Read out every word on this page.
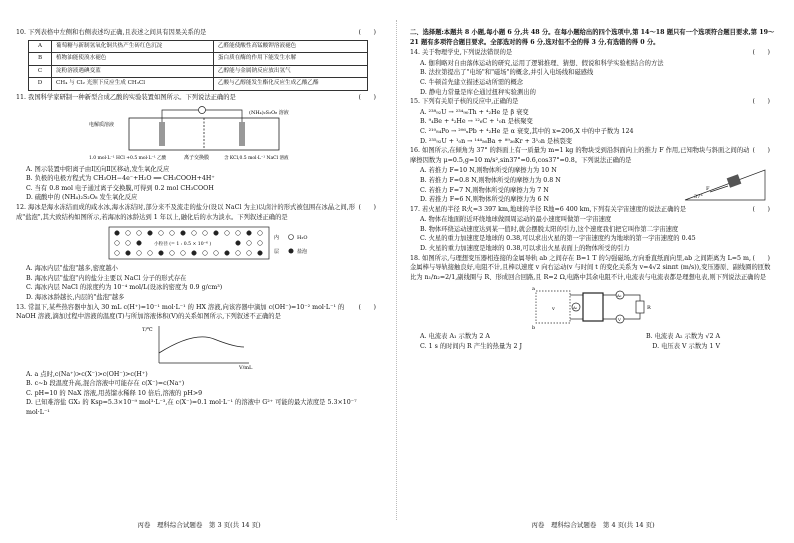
(　　)
10. 下列表格中左侧和右侧表述均正确,且表述之间具有因果关系的是
A	葡萄糖与新制氢氧化铜共热产生砖红色沉淀	乙醛能使酸性高锰酸钾溶液褪色
B	植物油能使溴水褪色	蛋白质在酶的作用下能发生水解
C	淀粉溶液遇碘变蓝	乙醇能与金属钠反应放出氢气
D	CH₄ 与 Cl₂ 光照下反应生成 CH₃Cl	乙酸与乙醇能发生酯化反应生成乙酸乙酯
(　　)
11. 我国科学家研制一种新型合成乙酸的实验装置如图所示。下列说法正确的是
电解质溶液
(NH₄)₂S₂O₈ 溶液
离子交换膜
1.0 mol·L⁻¹ HCl +0.5 mol·L⁻¹ 乙酸	含 KCl,0.5 mol·L⁻¹ NaCl 溶液
A. 图示装置中阳离子由Ⅰ区向Ⅱ区移动,发生氧化反应
B. 负极的电极方程式为 CH₃OH−4e⁻+H₂O ══ CH₃COOH+4H⁺
C. 当有 0.8 mol 电子通过离子交换膜,可得到 0.2 mol CH₃COOH
D. 硫酸中的 (NH₄)₂S₂O₈ 发生氧化反应
(　　)
12. 海冰是海水冻结而成的咸水冰,海水冻结时,部分来不及流走的盐分(设以 NaCl 为主)以卤汁的形式被包围在冰晶之间,形成"盐泡",其大致结构如图所示,若海冰的冰龄达到 1 年以上,融化后的水为淡水。下列叙述正确的是
内
层
H₂O
盐泡
小粒径 (= 1 : 0.5 × 10⁻⁶ )
A. 海冰内层"盐泡"越多,密度越小
B. 海冰内层"盐泡"内的盐分主要以 NaCl 分子的形式存在
C. 海冰内层 NaCl 的浓度约为 10⁻⁴ mol/L(设冰的密度为 0.9 g/cm³)
D. 海冰冰龄越长,内层的"盐泡"越多
(　　)
13. 常温下,某些热容器中加入 30 mL c(H⁺)=10⁻¹ mol·L⁻¹ 的 HX 溶液,向该容器中滴加 c(OH⁻)=10⁻² mol·L⁻¹ 的 NaOH 溶液,滴加过程中溶液的温度(T)与所加溶液体积(V)的关系如图所示,下列叙述不正确的是
T/℃
V/mL
A. a 点时,c(Na⁺)>c(X⁻)>c(OH⁻)>c(H⁺)
B. c~b 段温度升高,混合溶液中可能存在 c(X⁻)=c(Na⁺)
C. pH=10 的 NaX 溶液,用蒸馏水稀释 10 倍后,溶液的 pH>9
D. 已知难溶盐 GX₂ 的 Ksp=5.3×10⁻⁹ mol³·L⁻³,在 c(X⁻)=0.1 mol·L⁻¹ 的溶液中 G²⁺ 可能的最大浓度是 5.3×10⁻⁷ mol·L⁻¹
丙卷　理科综合试题卷　第 3 页(共 14 页)
二、选择题:本题共 8 小题,每小题 6 分,共 48 分。在每小题给出的四个选项中,第 14～18 题只有一个选项符合题目要求,第 19～21 题有多项符合题目要求。全部选对的得 6 分,选对但不全的得 3 分,有选错的得 0 分。
(　　)
14. 关于物理学史,下列说法错误的是
A. 伽利略对自由落体运动的研究,运用了逻辑推理、猜想、假说和科学实验相结合的方法
B. 法拉第提出了"电场"和"磁场"的概念,并引入电场线和磁感线
C. 牛顿首先建立描述运动所需的概念
D. 静电力常量是库仑通过扭秤实验测出的
(　　)
15. 下列有关原子核的反应中,正确的是
A. ²³⁸₉₂U → ²³⁴₉₀Th + ⁴₂He 是 β 衰变
B. ⁹₄Be + ⁴₂He → ¹²₆C + ¹₀n 是核聚变
C. ²¹⁰₈₄Po → ²⁰⁶ₓPb + ⁴₂He 是 α 衰变,其中的 x=206,X 中的中子数为 124
D. ²³⁵₉₂U + ¹₀n → ¹⁴⁴₅₆Ba + ⁸⁹₃₆Kr + 3¹₀n 是核裂变
(　　)
16. 如图所示,在倾角为 37° 的斜面上有一质量为 m=1 kg 的物块受到沿斜面向上的推力 F 作用,已知物块与斜面之间的动摩擦因数为 μ=0.5,g=10 m/s²,sin37°=0.6,cos37°=0.8。下列说法正确的是
F
37°
A. 若推力 F=10 N,则物体所受的摩擦力为 10 N
B. 若推力 F=0.8 N,则物体所受的摩擦力为 0.8 N
C. 若推力 F=7 N,则物体所受的摩擦力为 7 N
D. 若推力 F=6 N,则物体所受的摩擦力为 6 N
(　　)
17. 若火星的半径 R火=3 397 km,地球的半径 R地=6 400 km,下列有关宇宙速度的说法正确的是
A. 物体在地面附近环绕地球做圆周运动的最小速度叫做第一宇宙速度
B. 物体环绕运动速度达到某一值时,就会摆脱太阳的引力,这个速度我们把它叫作第二宇宙速度
C. 火星的重力加速度是地球的 0.38,可以求出火星的第一宇宙速度约为地球的第一宇宙速度的 0.45
D. 火星的重力加速度是地球的 0.38,可以求出火星表面上的物体所受的引力
(　　)
18. 如图所示,与理想变压器相连接的金属导轨 ab 之间存在 B=1 T 的匀强磁场,方向垂直纸面向里,ab 之间距离为 L=5 m,金属棒与导轨接触良好,电阻不计,且棒以速度 v 向右运动(v 与时间 t 的变化关系为 v=4√2 sinπt (m/s)),变压器原、副线圈的匝数比为 n₁/n₂=2/1,副线圈与 R、形成回合回路,且 R=2 Ω,电路中其余电阻不计,电流表与电流表都是理想电表,则下列说法正确的是
A₁
A₂
V
R
a
b
v
A. 电流表 A₁ 示数为 2 A	B. 电流表 A₂ 示数为 √2 A
C. 1 s 的时间内 R 产生的热量为 2 J	D. 电压表 V 示数为 1 V
丙卷　理科综合试题卷　第 4 页(共 14 页)
